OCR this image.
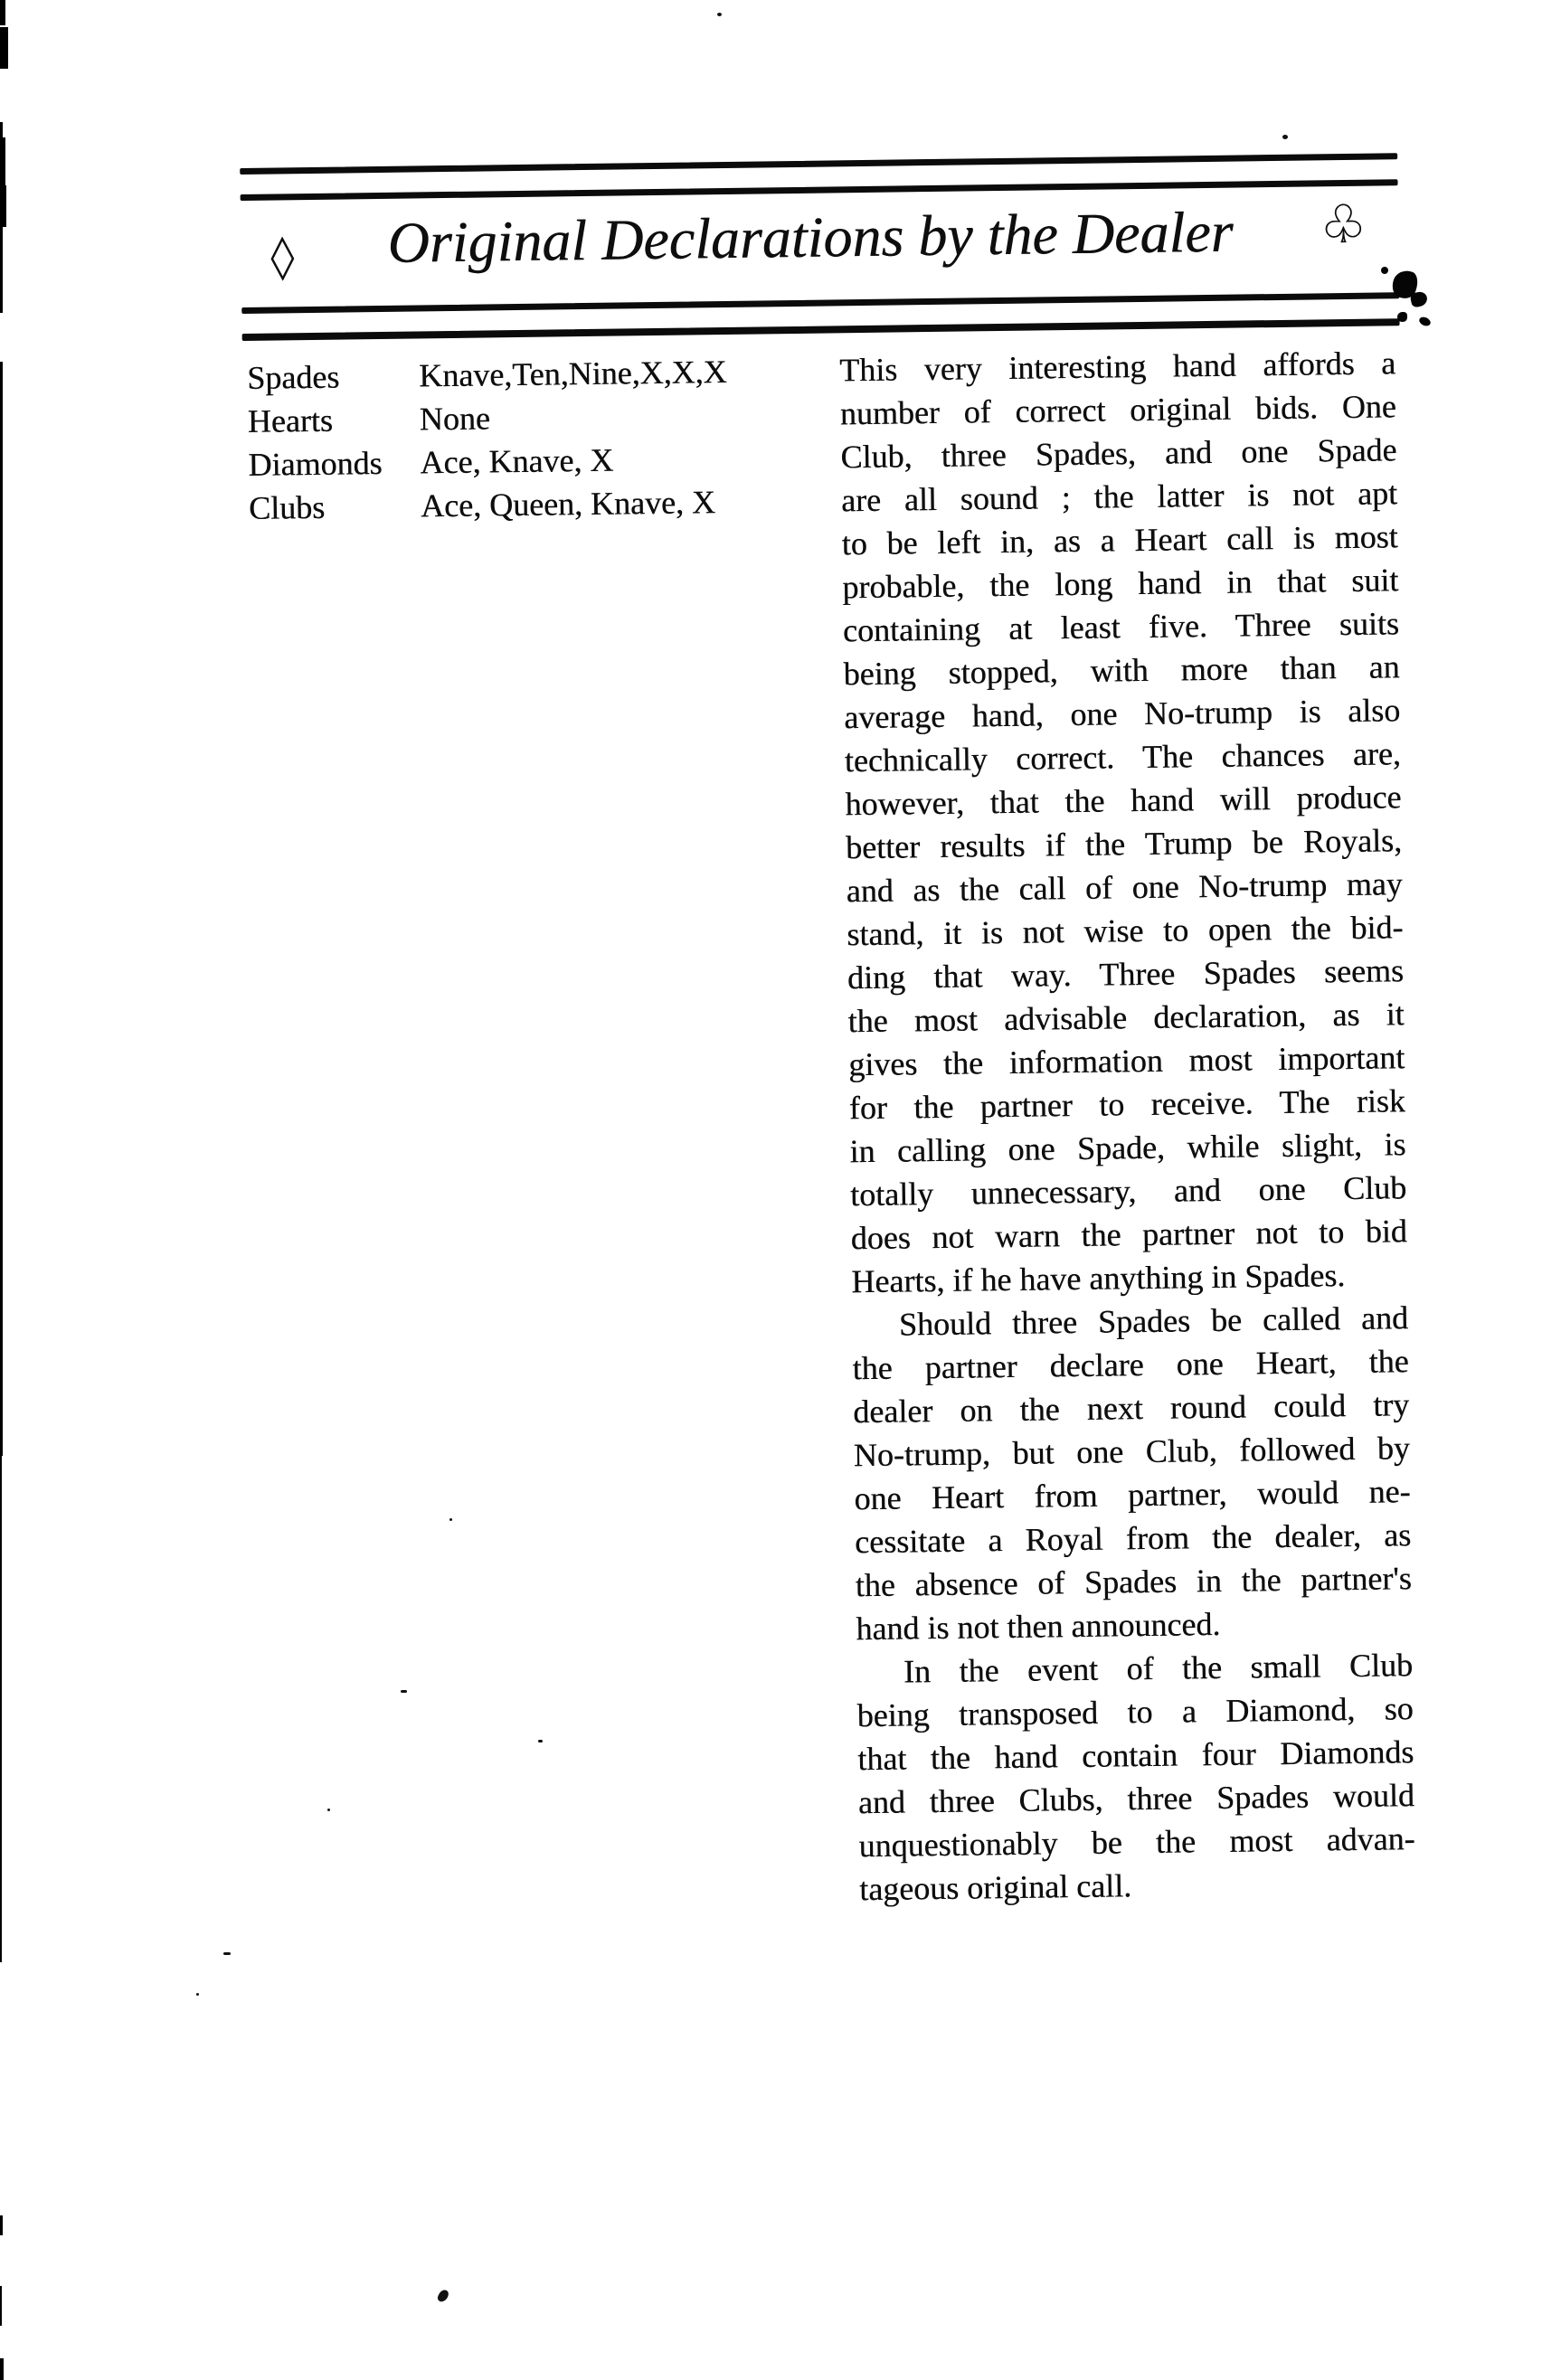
◇ Original Declarations by the Dealer ♧
Spades	Knave,Ten,Nine,X,X,X
Hearts	None
Diamonds	Ace, Knave, X
Clubs	Ace, Queen, Knave, X
This very interesting hand affords a
number of correct original bids. One
Club, three Spades, and one Spade
are all sound ; the latter is not apt
to be left in, as a Heart call is most
probable, the long hand in that suit
containing at least five. Three suits
being stopped, with more than an
average hand, one No-trump is also
technically correct. The chances are,
however, that the hand will produce
better results if the Trump be Royals,
and as the call of one No-trump may
stand, it is not wise to open the bid-
ding that way. Three Spades seems
the most advisable declaration, as it
gives the information most important
for the partner to receive. The risk
in calling one Spade, while slight, is
totally unnecessary, and one Club
does not warn the partner not to bid
Hearts, if he have anything in Spades.
Should three Spades be called and
the partner declare one Heart, the
dealer on the next round could try
No-trump, but one Club, followed by
one Heart from partner, would ne-
cessitate a Royal from the dealer, as
the absence of Spades in the partner's
hand is not then announced.
In the event of the small Club
being transposed to a Diamond, so
that the hand contain four Diamonds
and three Clubs, three Spades would
unquestionably be the most advan-
tageous original call.
